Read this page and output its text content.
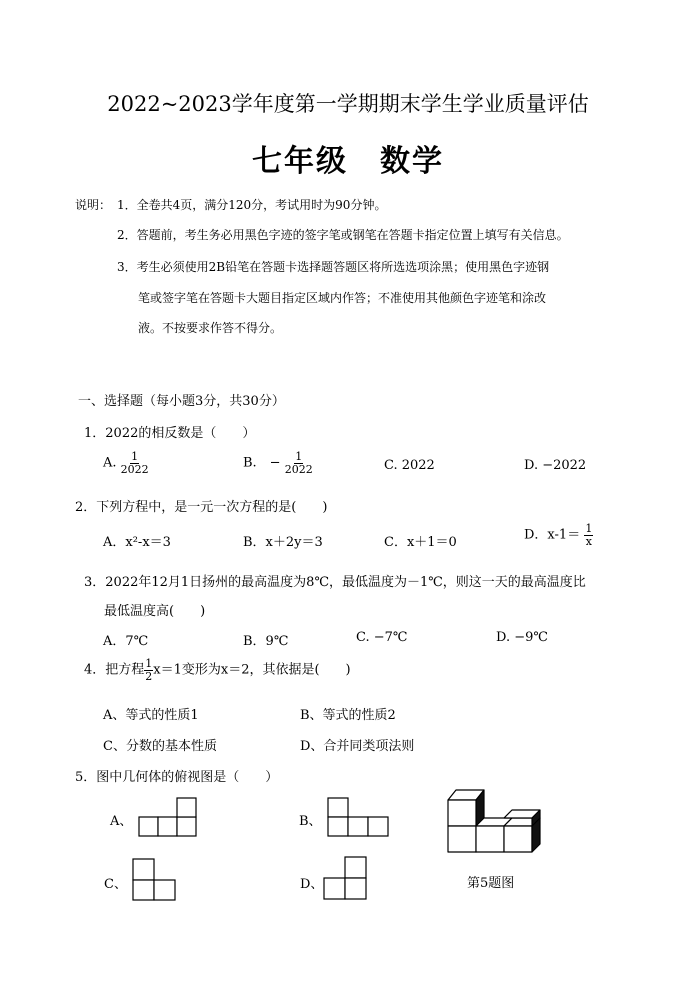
2022~2023学年度第一学期期末学生学业质量评估
七年级　数学
说明： 1．全卷共4页，满分120分，考试用时为90分钟。
2．答题前，考生务必用黑色字迹的签字笔或钢笔在答题卡指定位置上填写有关信息。
3．考生必须使用2B铅笔在答题卡选择题答题区将所选选项涂黑；使用黑色字迹钢
笔或签字笔在答题卡大题目指定区域内作答；不准使用其他颜色字迹笔和涂改
液。不按要求作答不得分。
一、选择题（每小题3分，共30分）
1．2022的相反数是（　　）
A. $\frac{1}{2022}$	B.　− $\frac{1}{2022}$	C. 2022	D. −2022
2．下列方程中，是一元一次方程的是(　　)
A．x²-x＝3	B．x＋2y＝3	C．x＋1＝0	D．$x-1= \frac{1}{x}$
3．2022年12月1日扬州的最高温度为8℃，最低温度为－1℃，则这一天的最高温度比
最低温度高(　　)
A．7℃	B．9℃	C. −7℃	D. −9℃
4．把方程 $\frac{1}{2} x=1$变形为x＝2，其依据是(　　)
A、等式的性质1	B、等式的性质2
C、分数的基本性质	D、合并同类项法则
5．图中几何体的俯视图是（　　）
A、	B、
第5题图
C、	D、
